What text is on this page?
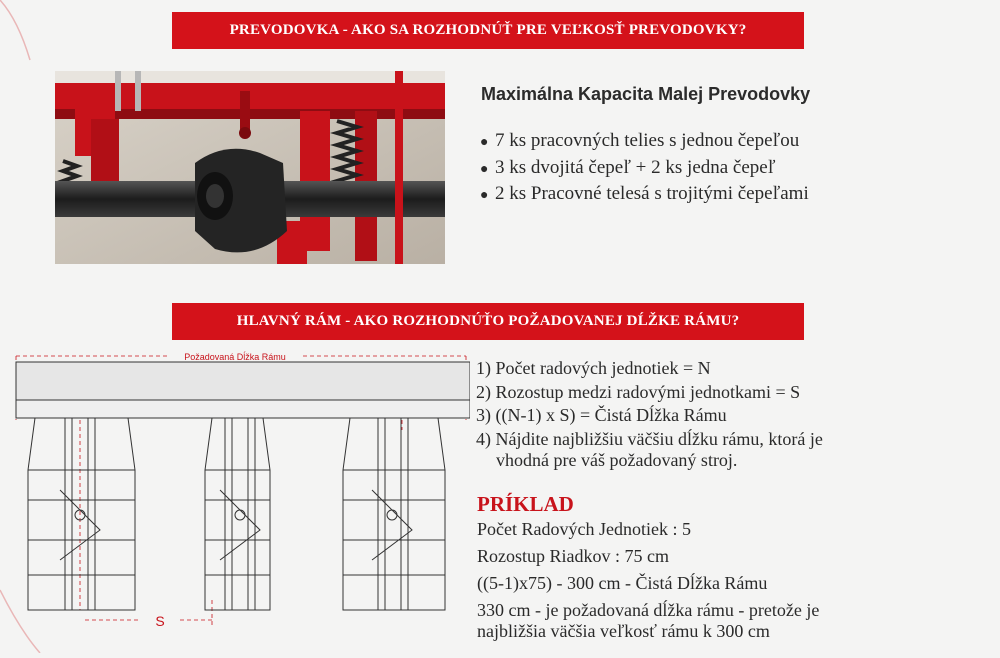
PREVODOVKA - AKO SA ROZHODNÚŤ PRE VEĽKOSŤ PREVODOVKY?
Maximálna Kapacita Malej Prevodovky
● 7 ks pracovných telies s jednou čepeľou
● 3 ks dvojitá čepeľ + 2 ks jedna čepeľ
● 2 ks Pracovné telesá s trojitými čepeľami
HLAVNÝ RÁM - AKO ROZHODNÚŤO POŽADOVANEJ DĹŽKE RÁMU?
Požadovaná Dĺžka Rámu
S
1) Počet radových jednotiek = N
2) Rozostup medzi radovými jednotkami = S
3) ((N-1) x S) = Čistá Dĺžka Rámu
4) Nájdite najbližšiu väčšiu dĺžku rámu, ktorá je
vhodná pre váš požadovaný stroj.
PRÍKLAD
Počet Radových Jednotiek : 5
Rozostup Riadkov : 75 cm
((5-1)x75) - 300 cm - Čistá Dĺžka Rámu
330 cm - je požadovaná dĺžka rámu - pretože je
najbližšia väčšia veľkosť rámu k 300 cm
